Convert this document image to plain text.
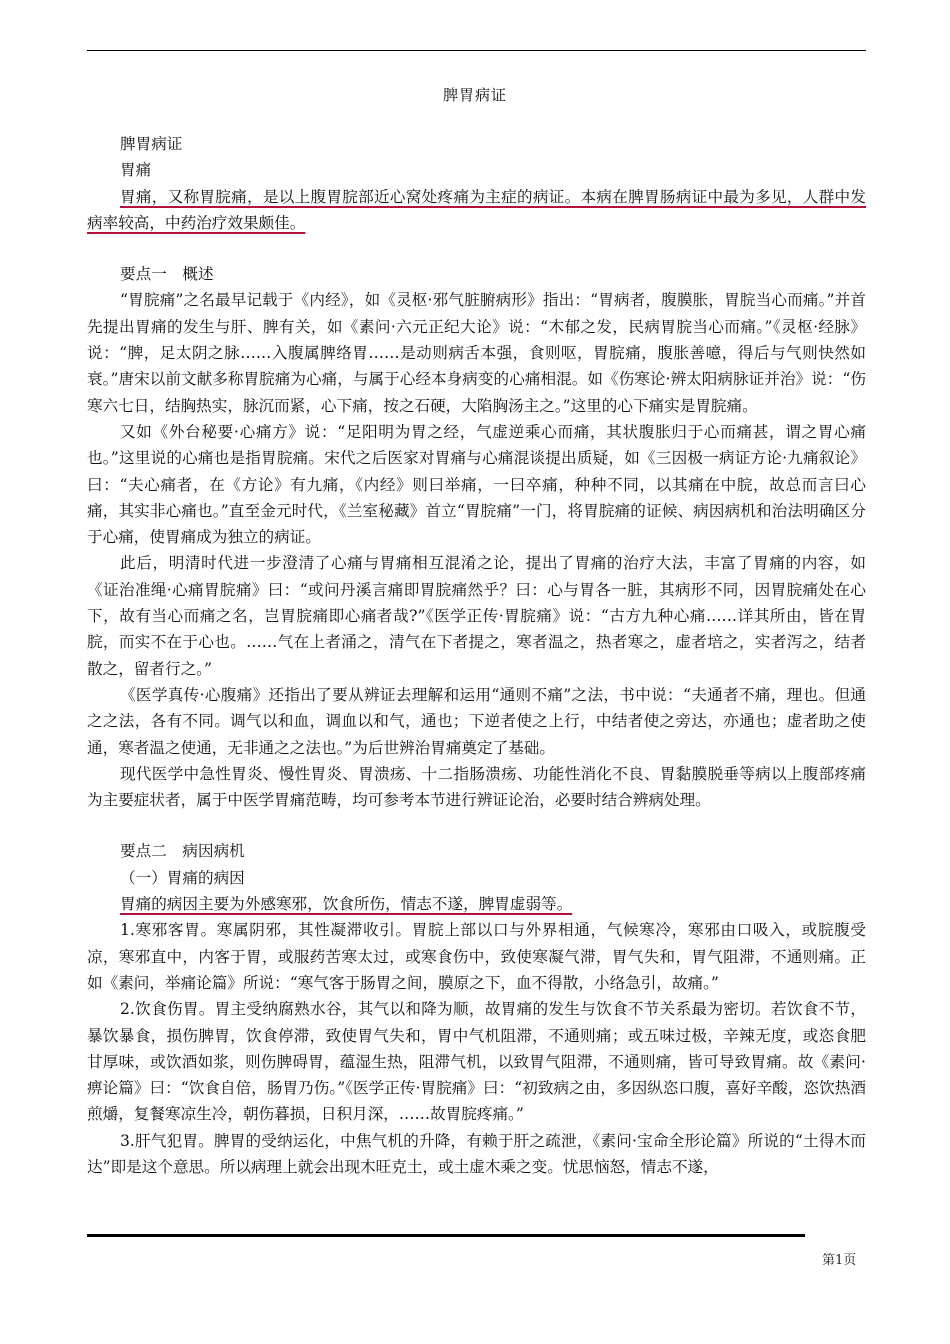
脾胃病证

脾胃病证

胃痛

胃痛，又称胃脘痛，是以上腹胃脘部近心窝处疼痛为主症的病证。本病在脾胃肠病证中最为多见，人群中发病率较高，中药治疗效果颇佳。

要点一　概述

“胃脘痛”之名最早记载于《内经》，如《灵枢·邪气脏腑病形》指出：“胃病者，腹膜胀，胃脘当心而痛。”并首先提出胃痛的发生与肝、脾有关，如《素问·六元正纪大论》说：“木郁之发，民病胃脘当心而痛。”《灵枢·经脉》说：“脾，足太阴之脉……入腹属脾络胃……是动则病舌本强，食则呕，胃脘痛，腹胀善噫，得后与气则快然如衰。”唐宋以前文献多称胃脘痛为心痛，与属于心经本身病变的心痛相混。如《伤寒论·辨太阳病脉证并治》说：“伤寒六七日，结胸热实，脉沉而紧，心下痛，按之石硬，大陷胸汤主之。”这里的心下痛实是胃脘痛。

又如《外台秘要·心痛方》说：“足阳明为胃之经，气虚逆乘心而痛，其状腹胀归于心而痛甚，谓之胃心痛也。”这里说的心痛也是指胃脘痛。宋代之后医家对胃痛与心痛混谈提出质疑，如《三因极一病证方论·九痛叙论》曰：“夫心痛者，在《方论》有九痛，《内经》则曰举痛，一曰卒痛，种种不同，以其痛在中脘，故总而言曰心痛，其实非心痛也。”直至金元时代，《兰室秘藏》首立“胃脘痛”一门，将胃脘痛的证候、病因病机和治法明确区分于心痛，使胃痛成为独立的病证。

此后，明清时代进一步澄清了心痛与胃痛相互混淆之论，提出了胃痛的治疗大法，丰富了胃痛的内容，如《证治准绳·心痛胃脘痛》曰：“或问丹溪言痛即胃脘痛然乎？曰：心与胃各一脏，其病形不同，因胃脘痛处在心下，故有当心而痛之名，岂胃脘痛即心痛者哉?”《医学正传·胃脘痛》说：“古方九种心痛……详其所由，皆在胃脘，而实不在于心也。……气在上者涌之，清气在下者提之，寒者温之，热者寒之，虚者培之，实者泻之，结者散之，留者行之。”

《医学真传·心腹痛》还指出了要从辨证去理解和运用“通则不痛”之法，书中说：“夫通者不痛，理也。但通之之法，各有不同。调气以和血，调血以和气，通也；下逆者使之上行，中结者使之旁达，亦通也；虚者助之使通，寒者温之使通，无非通之之法也。”为后世辨治胃痛奠定了基础。

现代医学中急性胃炎、慢性胃炎、胃溃疡、十二指肠溃疡、功能性消化不良、胃黏膜脱垂等病以上腹部疼痛为主要症状者，属于中医学胃痛范畴，均可参考本节进行辨证论治，必要时结合辨病处理。

要点二　病因病机

（一）胃痛的病因

胃痛的病因主要为外感寒邪，饮食所伤，情志不遂，脾胃虚弱等。

1.寒邪客胃。寒属阴邪，其性凝滞收引。胃脘上部以口与外界相通，气候寒冷，寒邪由口吸入，或脘腹受凉，寒邪直中，内客于胃，或服药苦寒太过，或寒食伤中，致使寒凝气滞，胃气失和，胃气阻滞，不通则痛。正如《素问，举痛论篇》所说：“寒气客于肠胃之间，膜原之下，血不得散，小络急引，故痛。”

2.饮食伤胃。胃主受纳腐熟水谷，其气以和降为顺，故胃痛的发生与饮食不节关系最为密切。若饮食不节，暴饮暴食，损伤脾胃，饮食停滞，致使胃气失和，胃中气机阻滞，不通则痛；或五味过极，辛辣无度，或恣食肥甘厚味，或饮酒如浆，则伤脾碍胃，蕴湿生热，阻滞气机，以致胃气阻滞，不通则痛，皆可导致胃痛。故《素问·痹论篇》曰：“饮食自倍，肠胃乃伤。”《医学正传·胃脘痛》曰：“初致病之由，多因纵恣口腹，喜好辛酸，恣饮热酒煎爝，复餐寒凉生冷，朝伤暮损，日积月深，……故胃脘疼痛。”

3.肝气犯胃。脾胃的受纳运化，中焦气机的升降，有赖于肝之疏泄，《素问·宝命全形论篇》所说的“土得木而达”即是这个意思。所以病理上就会出现木旺克土，或土虚木乘之变。忧思恼怒，情志不遂，

第1页
